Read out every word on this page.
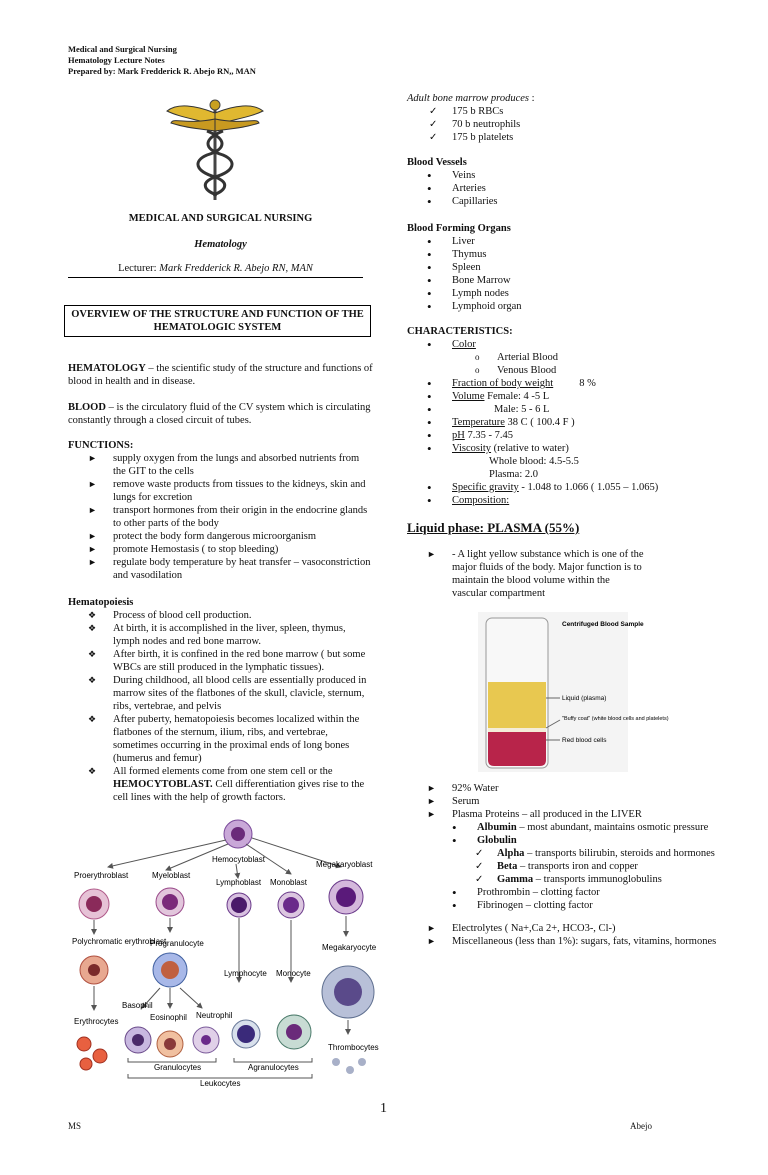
Medical and Surgical Nursing
Hematology Lecture Notes
Prepared by: Mark Fredderick R. Abejo RN,, MAN
MEDICAL AND SURGICAL NURSING
Hematology
Lecturer: Mark Fredderick R. Abejo RN, MAN
OVERVIEW OF THE STRUCTURE AND FUNCTION OF THE HEMATOLOGIC SYSTEM
HEMATOLOGY – the scientific study of the structure and functions of blood in health and in disease.
BLOOD – is the circulatory fluid of the CV system which is circulating constantly through a closed circuit of tubes.
FUNCTIONS:
► supply oxygen from the lungs and absorbed nutrients from the GIT to the cells
► remove waste products from tissues to the kidneys, skin and lungs for excretion
► transport hormones from their origin in the endocrine glands to other parts of the body
► protect the body form dangerous microorganism
► promote Hemostasis ( to stop bleeding)
► regulate body temperature by heat transfer – vasoconstriction and vasodilation
Hematopoiesis
❖ Process of blood cell production.
❖ At birth, it is accomplished in the liver, spleen, thymus, lymph nodes and red bone marrow.
❖ After birth, it is confined in the red bone marrow ( but some WBCs are still produced in the lymphatic tissues).
❖ During childhood, all blood cells are essentially produced in marrow sites of the flatbones of the skull, clavicle, sternum, ribs, vertebrae, and pelvis
❖ After puberty, hematopoiesis becomes localized within the flatbones of the sternum, ilium, ribs, and vertebrae, sometimes occurring in the proximal ends of long bones (humerus and femur)
❖ All formed elements come from one stem cell or the HEMOCYTOBLAST. Cell differentiation gives rise to the cell lines with the help of growth factors.
Hemocytoblast
Proerythroblast	Myeloblast
Lymphoblast Monoblast
Megakaryoblast
Polychromatic erythroblast
Progranulocyte	Megakaryocyte
Lymphocyte Monocyte
Basophil
Eosinophil Neutrophil
Erythrocytes
Thrombocytes
Granulocytes	Agranulocytes
Leukocytes
Adult bone marrow produces :
✓ 175 b RBCs
✓ 70 b neutrophils
✓ 175 b platelets
Blood Vessels
• Veins
• Arteries
• Capillaries
Blood Forming Organs
• Liver
• Thymus
• Spleen
• Bone Marrow
• Lymph nodes
• Lymphoid organ
CHARACTERISTICS:
• Color
o Arterial Blood
o Venous Blood
• Fraction of body weight 8 %
• Volume Female: 4 -5 L
• Male: 5 - 6 L
• Temperature 38 C ( 100.4 F )
• pH 7.35 - 7.45
• Viscosity (relative to water)
Whole blood: 4.5-5.5
Plasma: 2.0
• Specific gravity - 1.048 to 1.066 ( 1.055 – 1.065)
• Composition:
Liquid phase: PLASMA (55%)
► - A light yellow substance which is one of the major fluids of the body. Major function is to maintain the blood volume within the vascular compartment
Centrifuged Blood Sample
Liquid (plasma)
"Buffy coat" (white blood cells and platelets)
Red blood cells
► 92% Water
► Serum
► Plasma Proteins – all produced in the LIVER
• Albumin – most abundant, maintains osmotic pressure
• Globulin
✓ Alpha – transports bilirubin, steroids and hormones
✓ Beta – transports iron and copper
✓ Gamma – transports immunoglobulins
• Prothrombin – clotting factor
• Fibrinogen – clotting factor
► Electrolytes ( Na+,Ca 2+, HCO3-, Cl-)
► Miscellaneous (less than 1%): sugars, fats, vitamins, hormones
1
MS	Abejo
